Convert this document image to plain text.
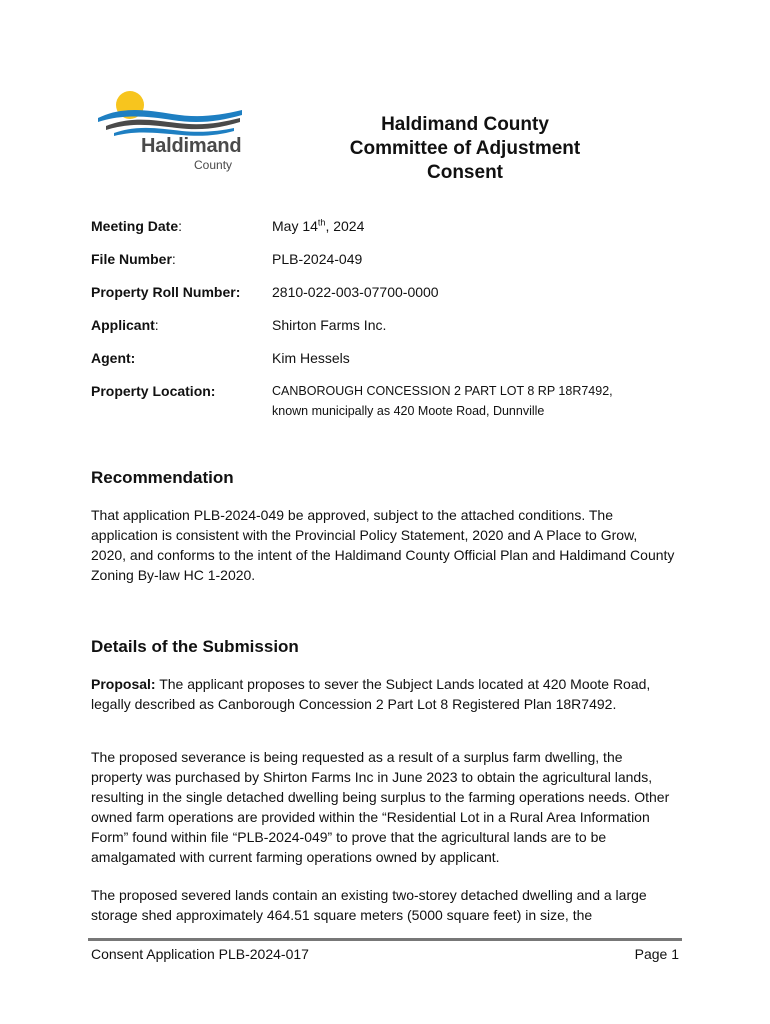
Haldimand
County
Haldimand County
Committee of Adjustment
Consent
Meeting Date:	May 14th, 2024
File Number:	PLB-2024-049
Property Roll Number: 2810-022-003-07700-0000
Applicant:	Shirton Farms Inc.
Agent:	Kim Hessels
Property Location:	CANBOROUGH CONCESSION 2 PART LOT 8 RP 18R7492,
known municipally as 420 Moote Road, Dunnville
Recommendation

That application PLB-2024-049 be approved, subject to the attached conditions. The application is consistent with the Provincial Policy Statement, 2020 and A Place to Grow, 2020, and conforms to the intent of the Haldimand County Official Plan and Haldimand County Zoning By-law HC 1-2020.

Details of the Submission

Proposal: The applicant proposes to sever the Subject Lands located at 420 Moote Road, legally described as Canborough Concession 2 Part Lot 8 Registered Plan 18R7492.

The proposed severance is being requested as a result of a surplus farm dwelling, the property was purchased by Shirton Farms Inc in June 2023 to obtain the agricultural lands, resulting in the single detached dwelling being surplus to the farming operations needs. Other owned farm operations are provided within the “Residential Lot in a Rural Area Information Form” found within file “PLB-2024-049” to prove that the agricultural lands are to be amalgamated with current farming operations owned by applicant.

The proposed severed lands contain an existing two-storey detached dwelling and a large storage shed approximately 464.51 square meters (5000 square feet) in size, the

Consent Application PLB-2024-017	Page 1
